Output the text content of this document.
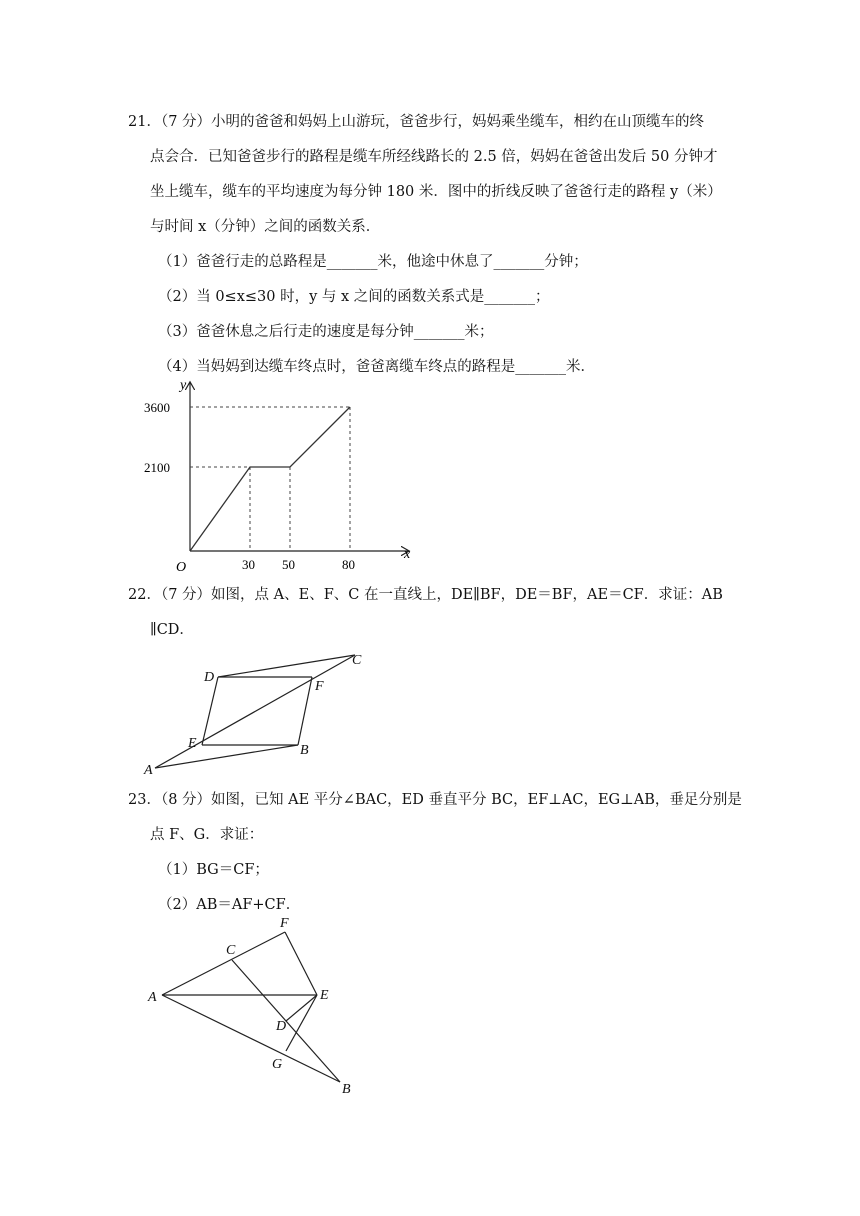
21．（7 分）小明的爸爸和妈妈上山游玩，爸爸步行，妈妈乘坐缆车，相约在山顶缆车的终
点会合．已知爸爸步行的路程是缆车所经线路长的 2.5 倍，妈妈在爸爸出发后 50 分钟才
坐上缆车，缆车的平均速度为每分钟 180 米．图中的折线反映了爸爸行走的路程 y（米）
与时间 x（分钟）之间的函数关系．
（1）爸爸行走的总路程是_______米，他途中休息了_______分钟；
（2）当 0≤x≤30 时，y 与 x 之间的函数关系式是_______；
（3）爸爸休息之后行走的速度是每分钟_______米；
（4）当妈妈到达缆车终点时，爸爸离缆车终点的路程是_______米．
30 50	80
3600
2100
x
y
O
22．（7 分）如图，点 A、E、F、C 在一直线上，DE∥BF，DE＝BF，AE＝CF．求证：AB
∥CD．
A
B
C
D
E
F
23．（8 分）如图，已知 AE 平分∠BAC，ED 垂直平分 BC，EF⊥AC，EG⊥AB，垂足分别是
点 F、G．求证：
（1）BG＝CF；
（2）AB＝AF+CF．
A
B
C
D
E
F
G
